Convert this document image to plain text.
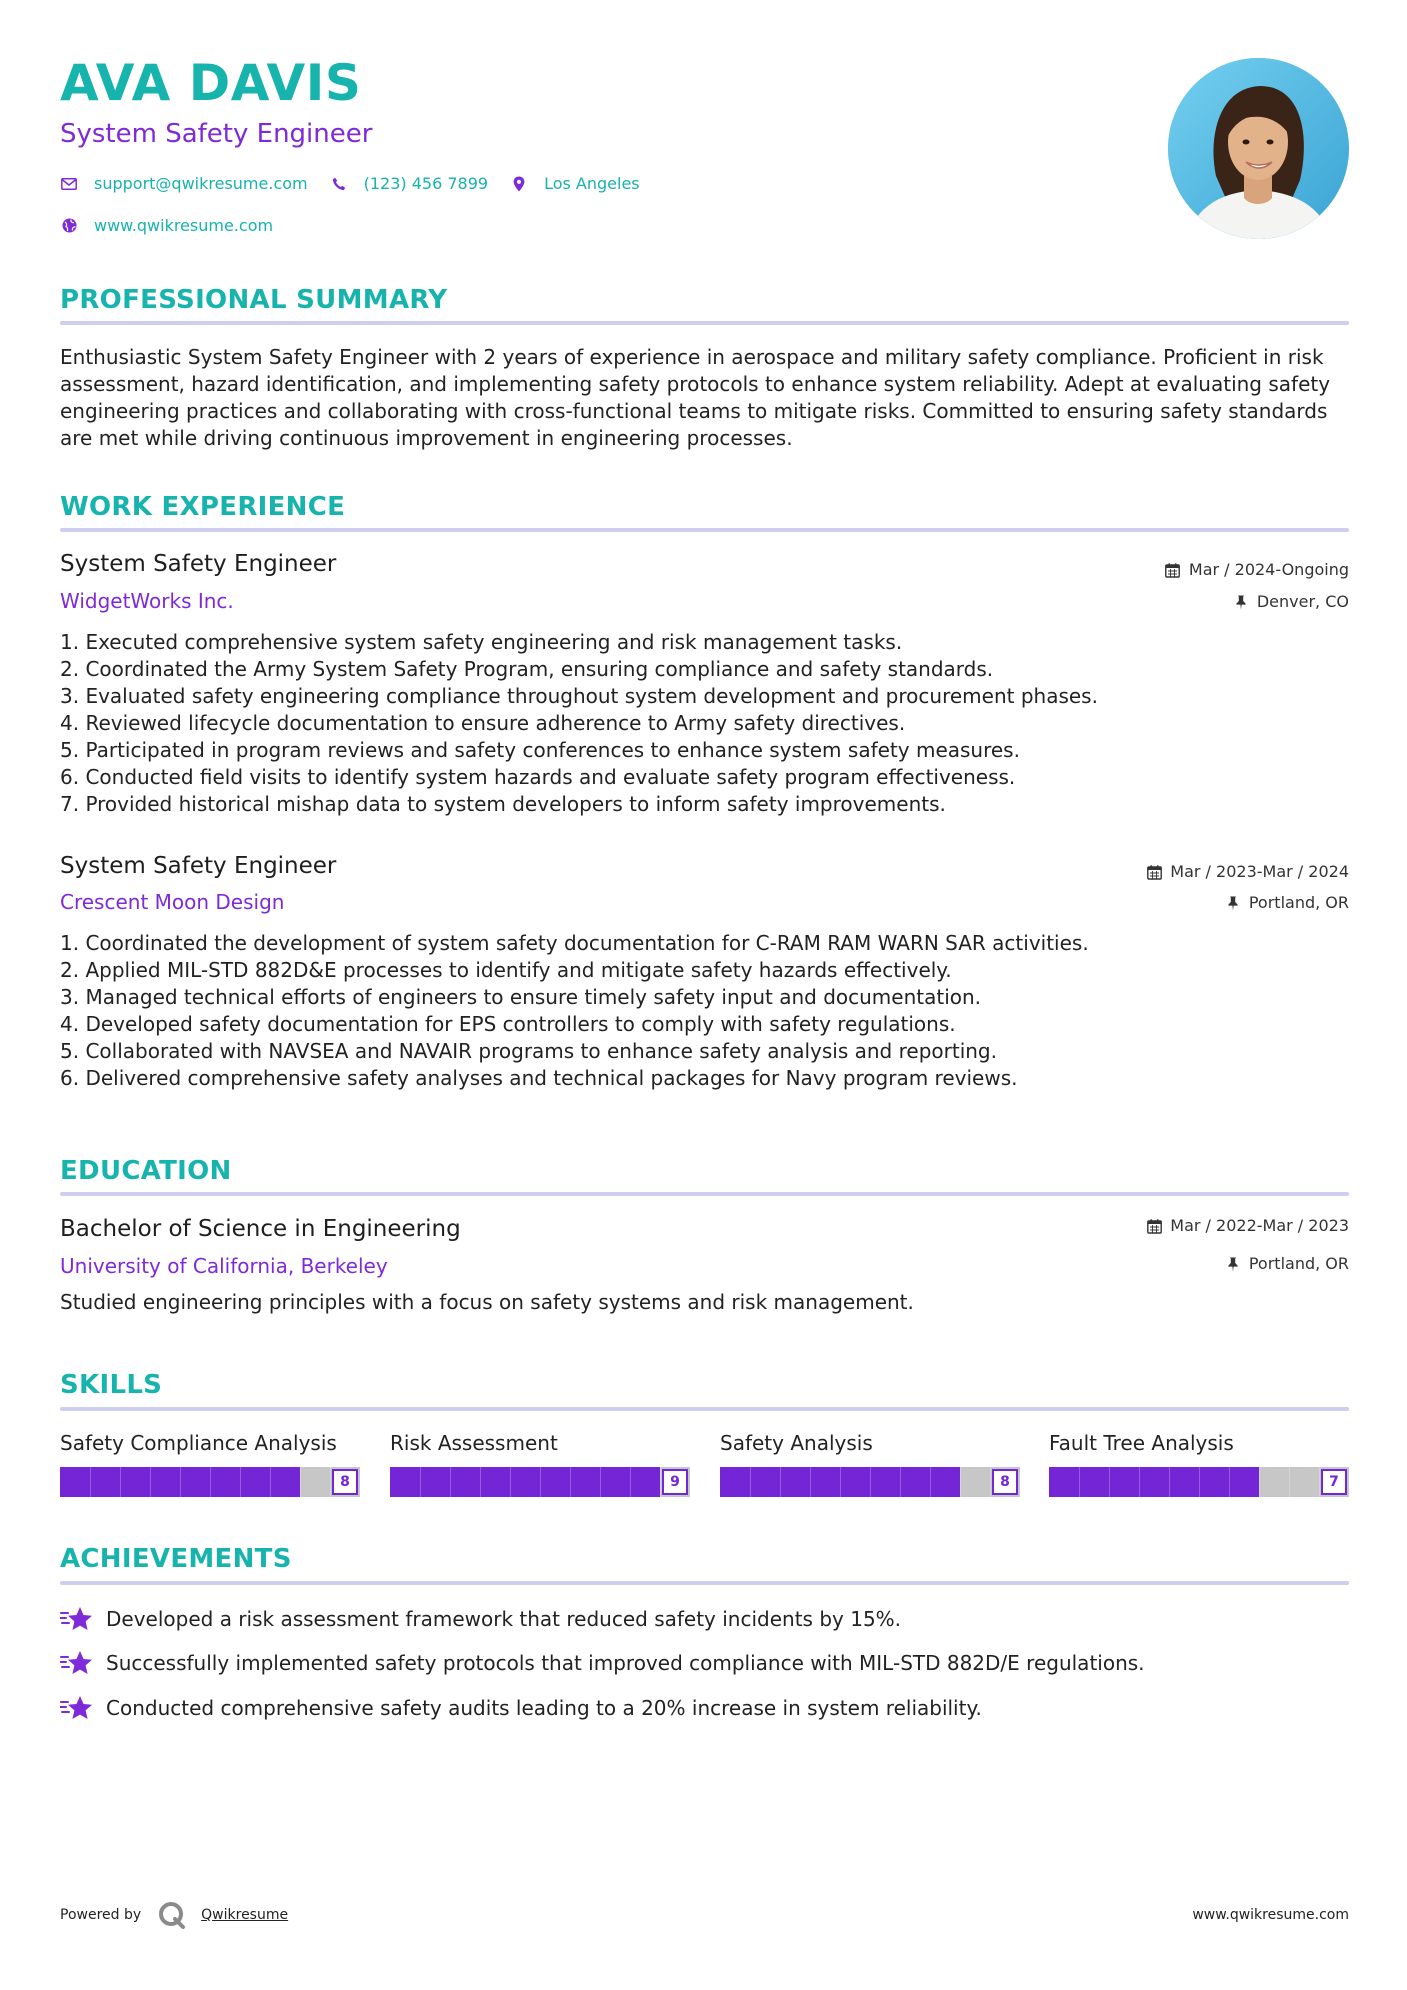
AVA DAVIS
System Safety Engineer
support@qwikresume.com	(123) 456 7899	Los Angeles
www.qwikresume.com
PROFESSIONAL SUMMARY
Enthusiastic System Safety Engineer with 2 years of experience in aerospace and military safety compliance. Proficient in risk assessment, hazard identification, and implementing safety protocols to enhance system reliability. Adept at evaluating safety engineering practices and collaborating with cross-functional teams to mitigate risks. Committed to ensuring safety standards are met while driving continuous improvement in engineering processes.
WORK EXPERIENCE
System Safety Engineer	Mar / 2024-Ongoing
WidgetWorks Inc.	Denver, CO
1. Executed comprehensive system safety engineering and risk management tasks.
2. Coordinated the Army System Safety Program, ensuring compliance and safety standards.
3. Evaluated safety engineering compliance throughout system development and procurement phases.
4. Reviewed lifecycle documentation to ensure adherence to Army safety directives.
5. Participated in program reviews and safety conferences to enhance system safety measures.
6. Conducted field visits to identify system hazards and evaluate safety program effectiveness.
7. Provided historical mishap data to system developers to inform safety improvements.
System Safety Engineer	Mar / 2023-Mar / 2024
Crescent Moon Design	Portland, OR
1. Coordinated the development of system safety documentation for C-RAM RAM WARN SAR activities.
2. Applied MIL-STD 882D&E processes to identify and mitigate safety hazards effectively.
3. Managed technical efforts of engineers to ensure timely safety input and documentation.
4. Developed safety documentation for EPS controllers to comply with safety regulations.
5. Collaborated with NAVSEA and NAVAIR programs to enhance safety analysis and reporting.
6. Delivered comprehensive safety analyses and technical packages for Navy program reviews.
EDUCATION
Bachelor of Science in Engineering	Mar / 2022-Mar / 2023
University of California, Berkeley	Portland, OR
Studied engineering principles with a focus on safety systems and risk management.
SKILLS
Safety Compliance Analysis
8
Risk Assessment
9
Safety Analysis
8
Fault Tree Analysis
7
ACHIEVEMENTS
Developed a risk assessment framework that reduced safety incidents by 15%.
Successfully implemented safety protocols that improved compliance with MIL-STD 882D/E regulations.
Conducted comprehensive safety audits leading to a 20% increase in system reliability.
Powered by	Qwikresume	www.qwikresume.com
